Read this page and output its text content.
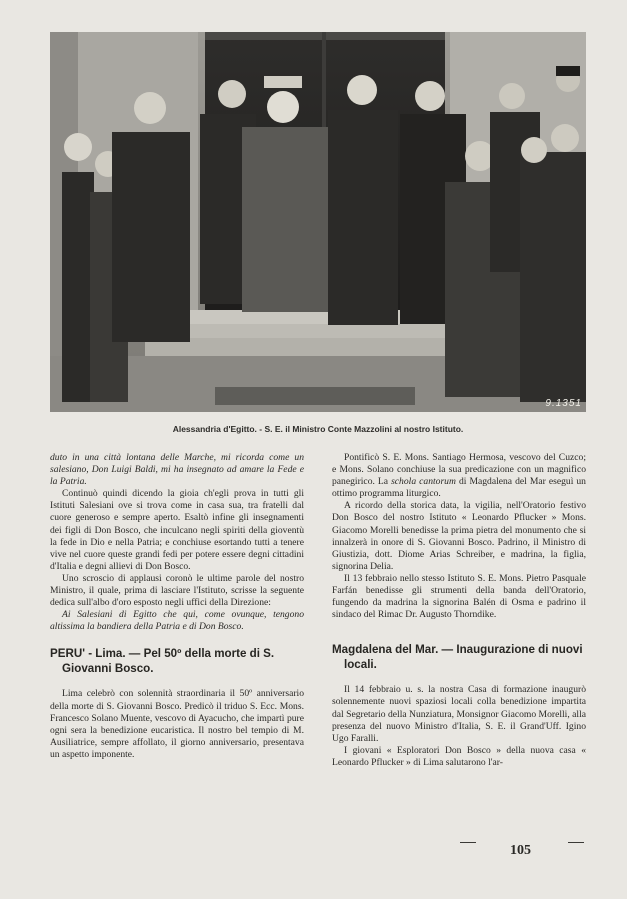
9.1351
Alessandria d'Egitto. - S. E. il Ministro Conte Mazzolini al nostro Istituto.

duto in una città lontana delle Marche, mi ricorda come un salesiano, Don Luigi Baldi, mi ha insegnato ad amare la Fede e la Patria.

Continuò quindi dicendo la gioia ch'egli prova in tutti gli Istituti Salesiani ove si trova come in casa sua, tra fratelli dal cuore generoso e sempre aperto. Esaltò infine gli insegnamenti dei figli di Don Bosco, che inculcano negli spiriti della gioventù la fede in Dio e nella Patria; e conchiuse esortando tutti a tenere vive nel cuore queste grandi fedi per potere essere degni cittadini d'Italia e degni allievi di Don Bosco.

Uno scroscio di applausi coronò le ultime parole del nostro Ministro, il quale, prima di lasciare l'Istituto, scrisse la seguente dedica sull'albo d'oro esposto negli uffici della Direzione:

Ai Salesiani di Egitto che qui, come ovunque, tengono altissima la bandiera della Patria e di Don Bosco.

PERU' - Lima. — Pel 50º della morte di S. Giovanni Bosco.

Lima celebrò con solennità straordinaria il 50º anniversario della morte di S. Giovanni Bosco. Predicò il triduo S. Ecc. Mons. Francesco Solano Muente, vescovo di Ayacucho, che impartì pure ogni sera la benedizione eucaristica. Il nostro bel tempio di M. Ausiliatrice, sempre affollato, il giorno anniversario, presentava un aspetto imponente.

Pontificò S. E. Mons. Santiago Hermosa, vescovo del Cuzco; e Mons. Solano conchiuse la sua predicazione con un magnifico panegirico. La schola cantorum di Magdalena del Mar eseguì un ottimo programma liturgico.

A ricordo della storica data, la vigilia, nell'Oratorio festivo Don Bosco del nostro Istituto « Leonardo Pflucker » Mons. Giacomo Morelli benedisse la prima pietra del monumento che si innalzerà in onore di S. Giovanni Bosco. Padrino, il Ministro di Giustizia, dott. Diome Arias Schreiber, e madrina, la figlia, signorina Delia.

Il 13 febbraio nello stesso Istituto S. E. Mons. Pietro Pasquale Farfán benedisse gli strumenti della banda dell'Oratorio, fungendo da madrina la signorina Balén di Osma e padrino il sindaco del Rimac Dr. Augusto Thorndike.

Magdalena del Mar. — Inaugurazione di nuovi locali.

Il 14 febbraio u. s. la nostra Casa di formazione inaugurò solennemente nuovi spaziosi locali colla benedizione impartita dal Segretario della Nunziatura, Monsignor Giacomo Morelli, alla presenza del nuovo Ministro d'Italia, S. E. il Grand'Uff. Igino Ugo Faralli.

I giovani « Esploratori Don Bosco » della nuova casa « Leonardo Pflucker » di Lima salutarono l'ar-

105
